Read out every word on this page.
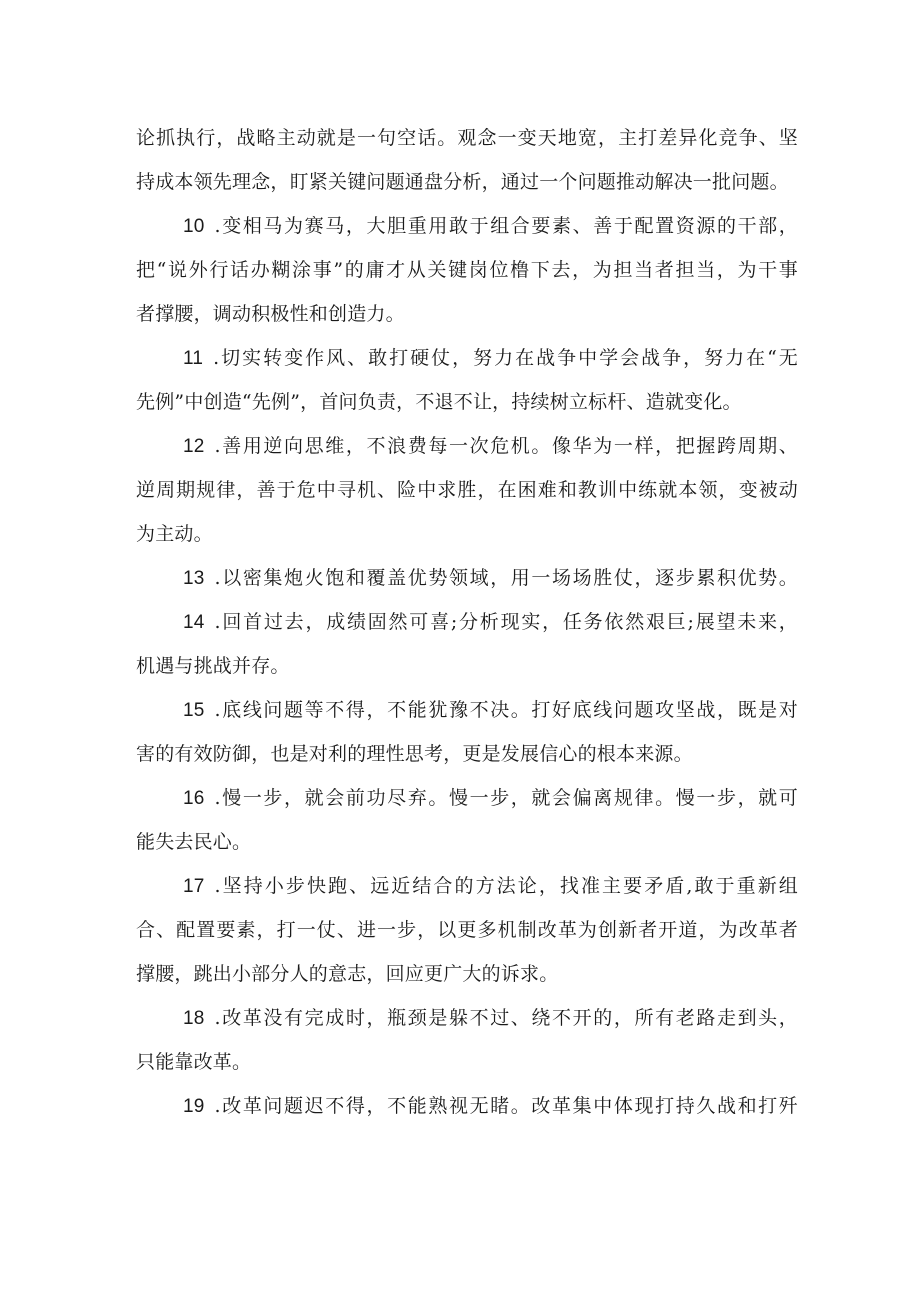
论抓执行，战略主动就是一句空话。观念一变天地宽，主打差异化竞争、坚
持成本领先理念，盯紧关键问题通盘分析，通过一个问题推动解决一批问题。
10 .变相马为赛马，大胆重用敢于组合要素、善于配置资源的干部，
把“说外行话办糊涂事”的庸才从关键岗位橹下去，为担当者担当，为干事
者撑腰，调动积极性和创造力。
11 .切实转变作风、敢打硬仗，努力在战争中学会战争，努力在“无
先例”中创造“先例”，首问负责，不退不让，持续树立标杆、造就变化。
12 .善用逆向思维，不浪费每一次危机。像华为一样，把握跨周期、
逆周期规律，善于危中寻机、险中求胜，在困难和教训中练就本领，变被动
为主动。
13 .以密集炮火饱和覆盖优势领域，用一场场胜仗，逐步累积优势。
14 .回首过去，成绩固然可喜;分析现实，任务依然艰巨;展望未来，
机遇与挑战并存。
15 .底线问题等不得，不能犹豫不决。打好底线问题攻坚战，既是对
害的有效防御，也是对利的理性思考，更是发展信心的根本来源。
16 .慢一步，就会前功尽弃。慢一步，就会偏离规律。慢一步，就可
能失去民心。
17 .坚持小步快跑、远近结合的方法论，找准主要矛盾,敢于重新组
合、配置要素，打一仗、进一步，以更多机制改革为创新者开道，为改革者
撑腰，跳出小部分人的意志，回应更广大的诉求。
18 .改革没有完成时，瓶颈是躲不过、绕不开的，所有老路走到头，
只能靠改革。
19 .改革问题迟不得，不能熟视无睹。改革集中体现打持久战和打歼
